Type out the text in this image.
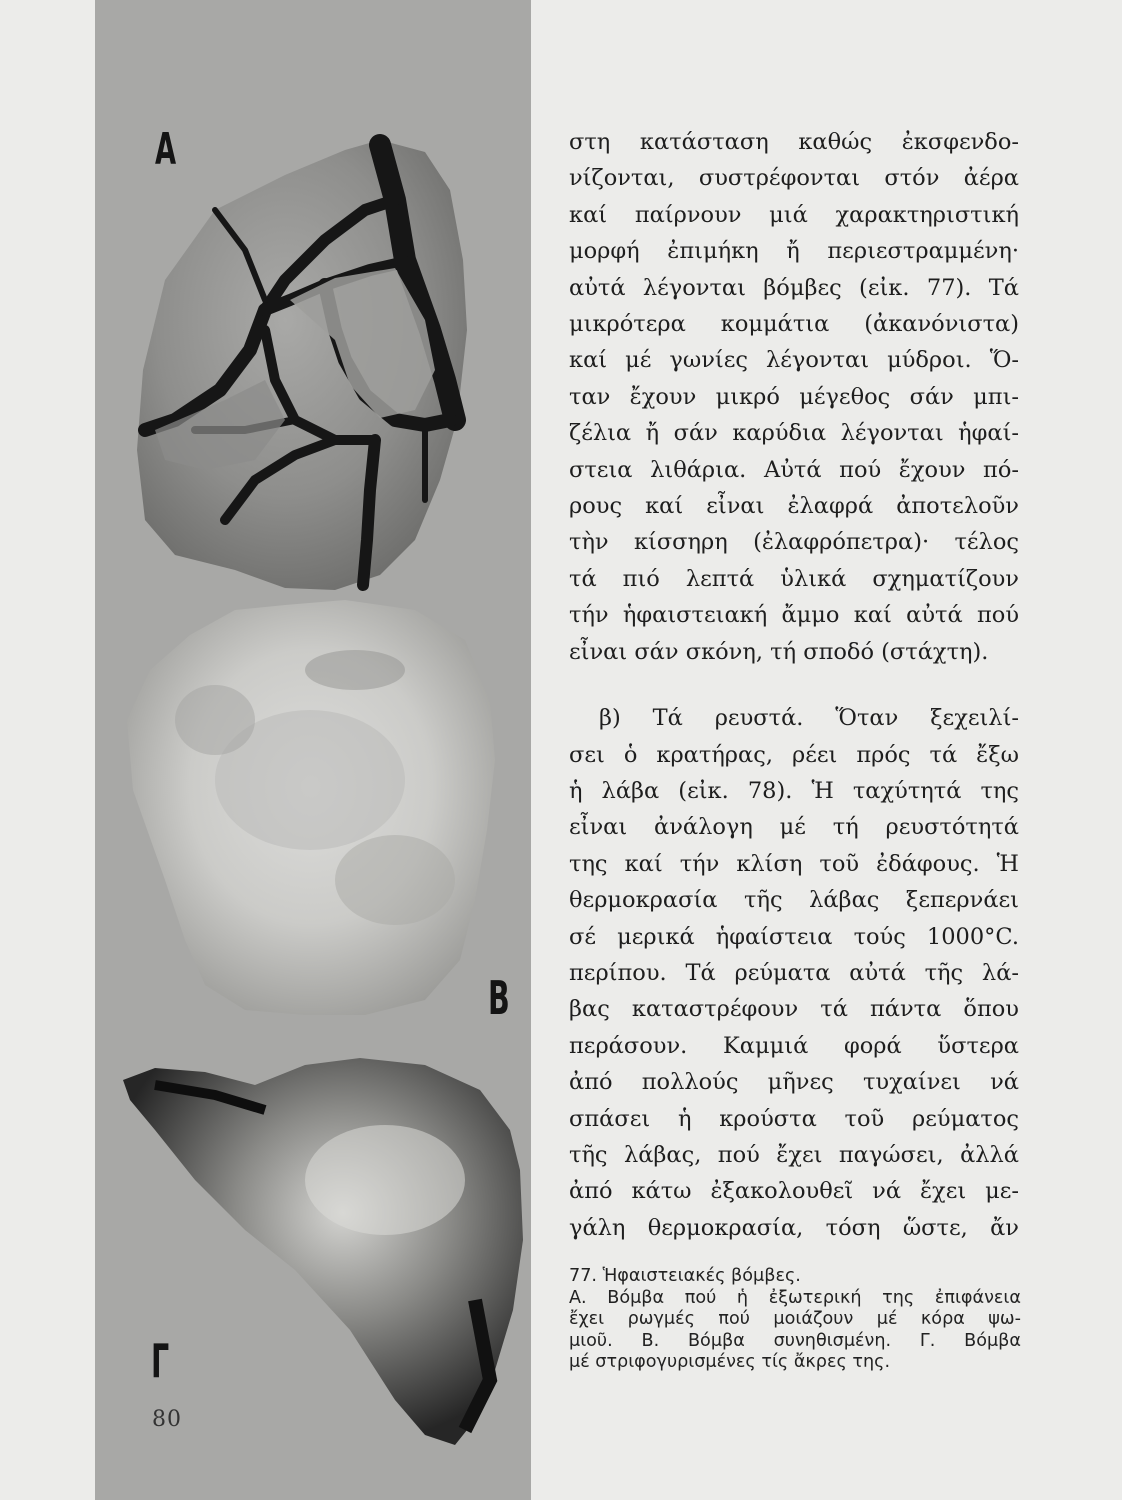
A
B
Γ
80

στη κατάσταση καθώς ἐκσφενδο-
νίζονται, συστρέφονται στόν ἀέρα
καί παίρνουν μιά χαρακτηριστική
μορφή ἐπιμήκη ἤ περιεστραμμένη·
αὐτά λέγονται βόμβες (εἰκ. 77). Τά
μικρότερα κομμάτια (ἀκανόνιστα)
καί μέ γωνίες λέγονται μύδροι. Ὅ-
ταν ἔχουν μικρό μέγεθος σάν μπι-
ζέλια ἤ σάν καρύδια λέγονται ἡφαί-
στεια λιθάρια. Αὐτά πού ἔχουν πό-
ρους καί εἶναι ἐλαφρά ἀποτελοῦν
τὴν κίσσηρη (ἐλαφρόπετρα)· τέλος
τά πιό λεπτά ὑλικά σχηματίζουν
τήν ἡφαιστειακή ἄμμο καί αὐτά πού
εἶναι σάν σκόνη, τή σποδό (στάχτη).

β) Τά ρευστά. Ὅταν ξεχειλί-
σει ὁ κρατήρας, ρέει πρός τά ἔξω
ἡ λάβα (εἰκ. 78). Ἡ ταχύτητά της
εἶναι ἀνάλογη μέ τή ρευστότητά
της καί τήν κλίση τοῦ ἐδάφους. Ἡ
θερμοκρασία τῆς λάβας ξεπερνάει
σέ μερικά ἡφαίστεια τούς 1000°C.
περίπου. Τά ρεύματα αὐτά τῆς λά-
βας καταστρέφουν τά πάντα ὅπου
περάσουν. Καμμιά φορά ὕστερα
ἀπό πολλούς μῆνες τυχαίνει νά
σπάσει ἡ κρούστα τοῦ ρεύματος
τῆς λάβας, πού ἔχει παγώσει, ἀλλά
ἀπό κάτω ἐξακολουθεῖ νά ἔχει με-
γάλη θερμοκρασία, τόση ὥστε, ἄν

77. Ἡφαιστειακές βόμβες.
Α. Βόμβα πού ἡ ἐξωτερική της ἐπιφάνεια
ἔχει ρωγμές πού μοιάζουν μέ κόρα ψω-
μιοῦ. Β. Βόμβα συνηθισμένη. Γ. Βόμβα
μέ στριφογυρισμένες τίς ἄκρες της.
